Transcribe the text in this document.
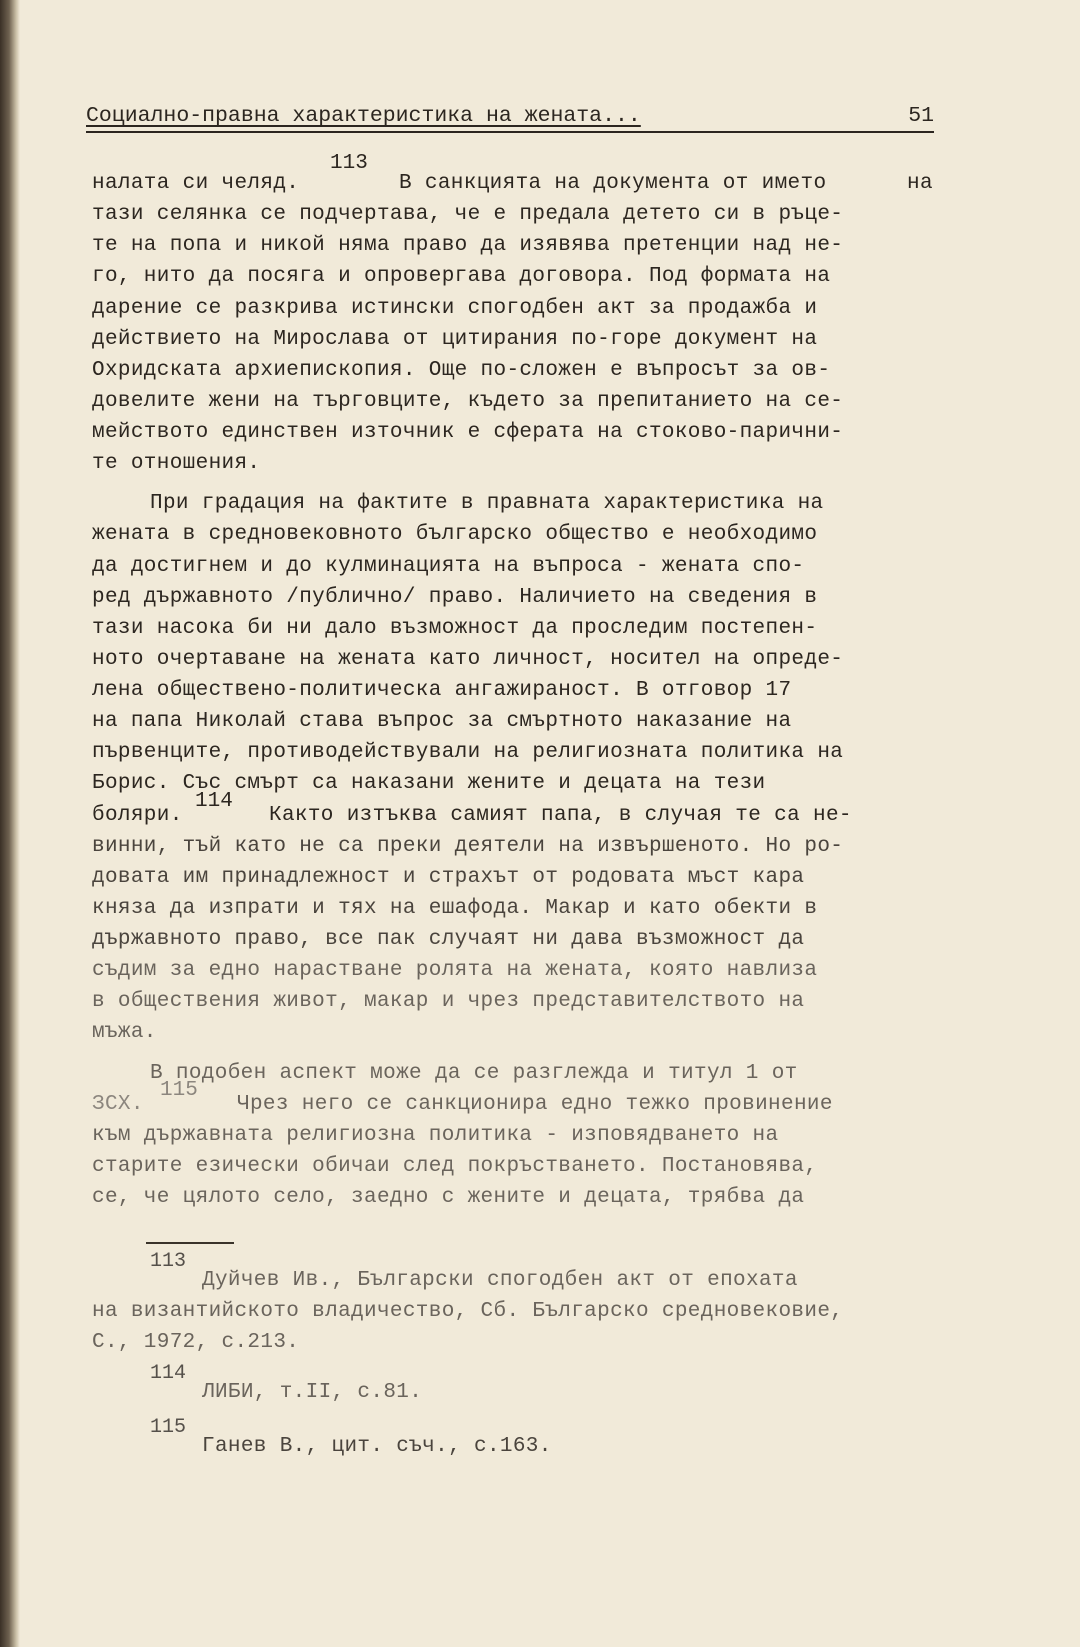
Социално-правна характеристика на жената...	51
113
налата си челяд.	В санкцията на документа от името	на
тази селянка се подчертава, че е предала детето си в ръце-
те на попа и никой няма право да изявява претенции над не-
го, нито да посяга и опровергава договора. Под формата на
дарение се разкрива истински спогодбен акт за продажба и
действието на Мирослава от цитирания по-горе документ на
Охридската архиепископия. Още по-сложен е въпросът за ов-
довелите жени на търговците, където за препитанието на се-
мейството единствен източник е сферата на стоково-парични-
те отношения.
При градация на фактите в правната характеристика на
жената в средновековното българско общество е необходимо
да достигнем и до кулминацията на въпроса - жената спо-
ред държавното /публично/ право. Наличието на сведения в
тази насока би ни дало възможност да проследим постепен-
ното очертаване на жената като личност, носител на опреде-
лена обществено-политическа ангажираност. В отговор 17
на папа Николай става въпрос за смъртното наказание на
първенците, противодействували на религиозната политика на
Борис. Със смърт са наказани жените и децата на тези
боляри.
114
Както изтъква самият папа, в случая те са не-
винни, тъй като не са преки деятели на извършеното. Но ро-
довата им принадлежност и страхът от родовата мъст кара
княза да изпрати и тях на ешафода. Макар и като обекти в
държавното право, все пак случаят ни дава възможност да
съдим за едно нарастване ролята на жената, която навлиза
в обществения живот, макар и чрез представителството на
мъжа.
В подобен аспект може да се разглежда и титул 1 от
ЗСХ.
115
Чрез него се санкционира едно тежко провинение
към държавната религиозна политика - изповядването на
старите езически обичаи след покръстването. Постановява,
се, че цялото село, заедно с жените и децата, трябва да
113
Дуйчев Ив., Български спогодбен акт от епохата
на византийското владичество, Сб. Българско средновековие,
С., 1972, с.213.
114
ЛИБИ, т.II, с.81.
115
Ганев В., цит. съч., с.163.
